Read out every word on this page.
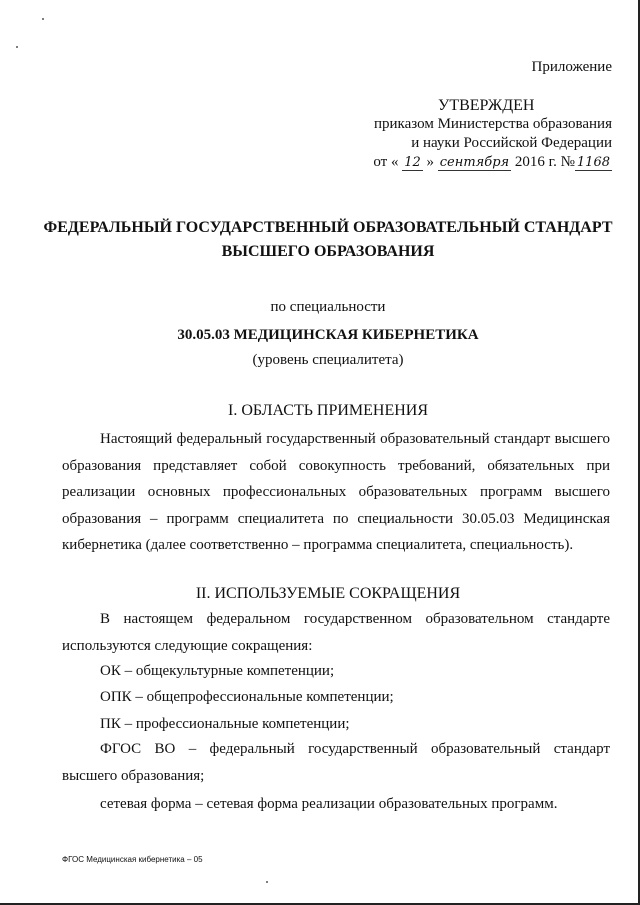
Приложение
УТВЕРЖДЕН
приказом Министерства образования
и науки Российской Федерации
от « 12 » сентября 2016 г. № 1168
ФЕДЕРАЛЬНЫЙ ГОСУДАРСТВЕННЫЙ ОБРАЗОВАТЕЛЬНЫЙ СТАНДАРТ
ВЫСШЕГО ОБРАЗОВАНИЯ
по специальности
30.05.03 МЕДИЦИНСКАЯ КИБЕРНЕТИКА
(уровень специалитета)
I. ОБЛАСТЬ ПРИМЕНЕНИЯ

Настоящий федеральный государственный образовательный стандарт высшего образования представляет собой совокупность требований, обязательных при реализации основных профессиональных образовательных программ высшего образования – программ специалитета по специальности 30.05.03 Медицинская кибернетика (далее соответственно – программа специалитета, специальность).

II. ИСПОЛЬЗУЕМЫЕ СОКРАЩЕНИЯ

В настоящем федеральном государственном образовательном стандарте используются следующие сокращения:

ОК – общекультурные компетенции;

ОПК – общепрофессиональные компетенции;

ПК – профессиональные компетенции;

ФГОС ВО – федеральный государственный образовательный стандарт высшего образования;

сетевая форма – сетевая форма реализации образовательных программ.

ФГОС Медицинская кибернетика – 05
